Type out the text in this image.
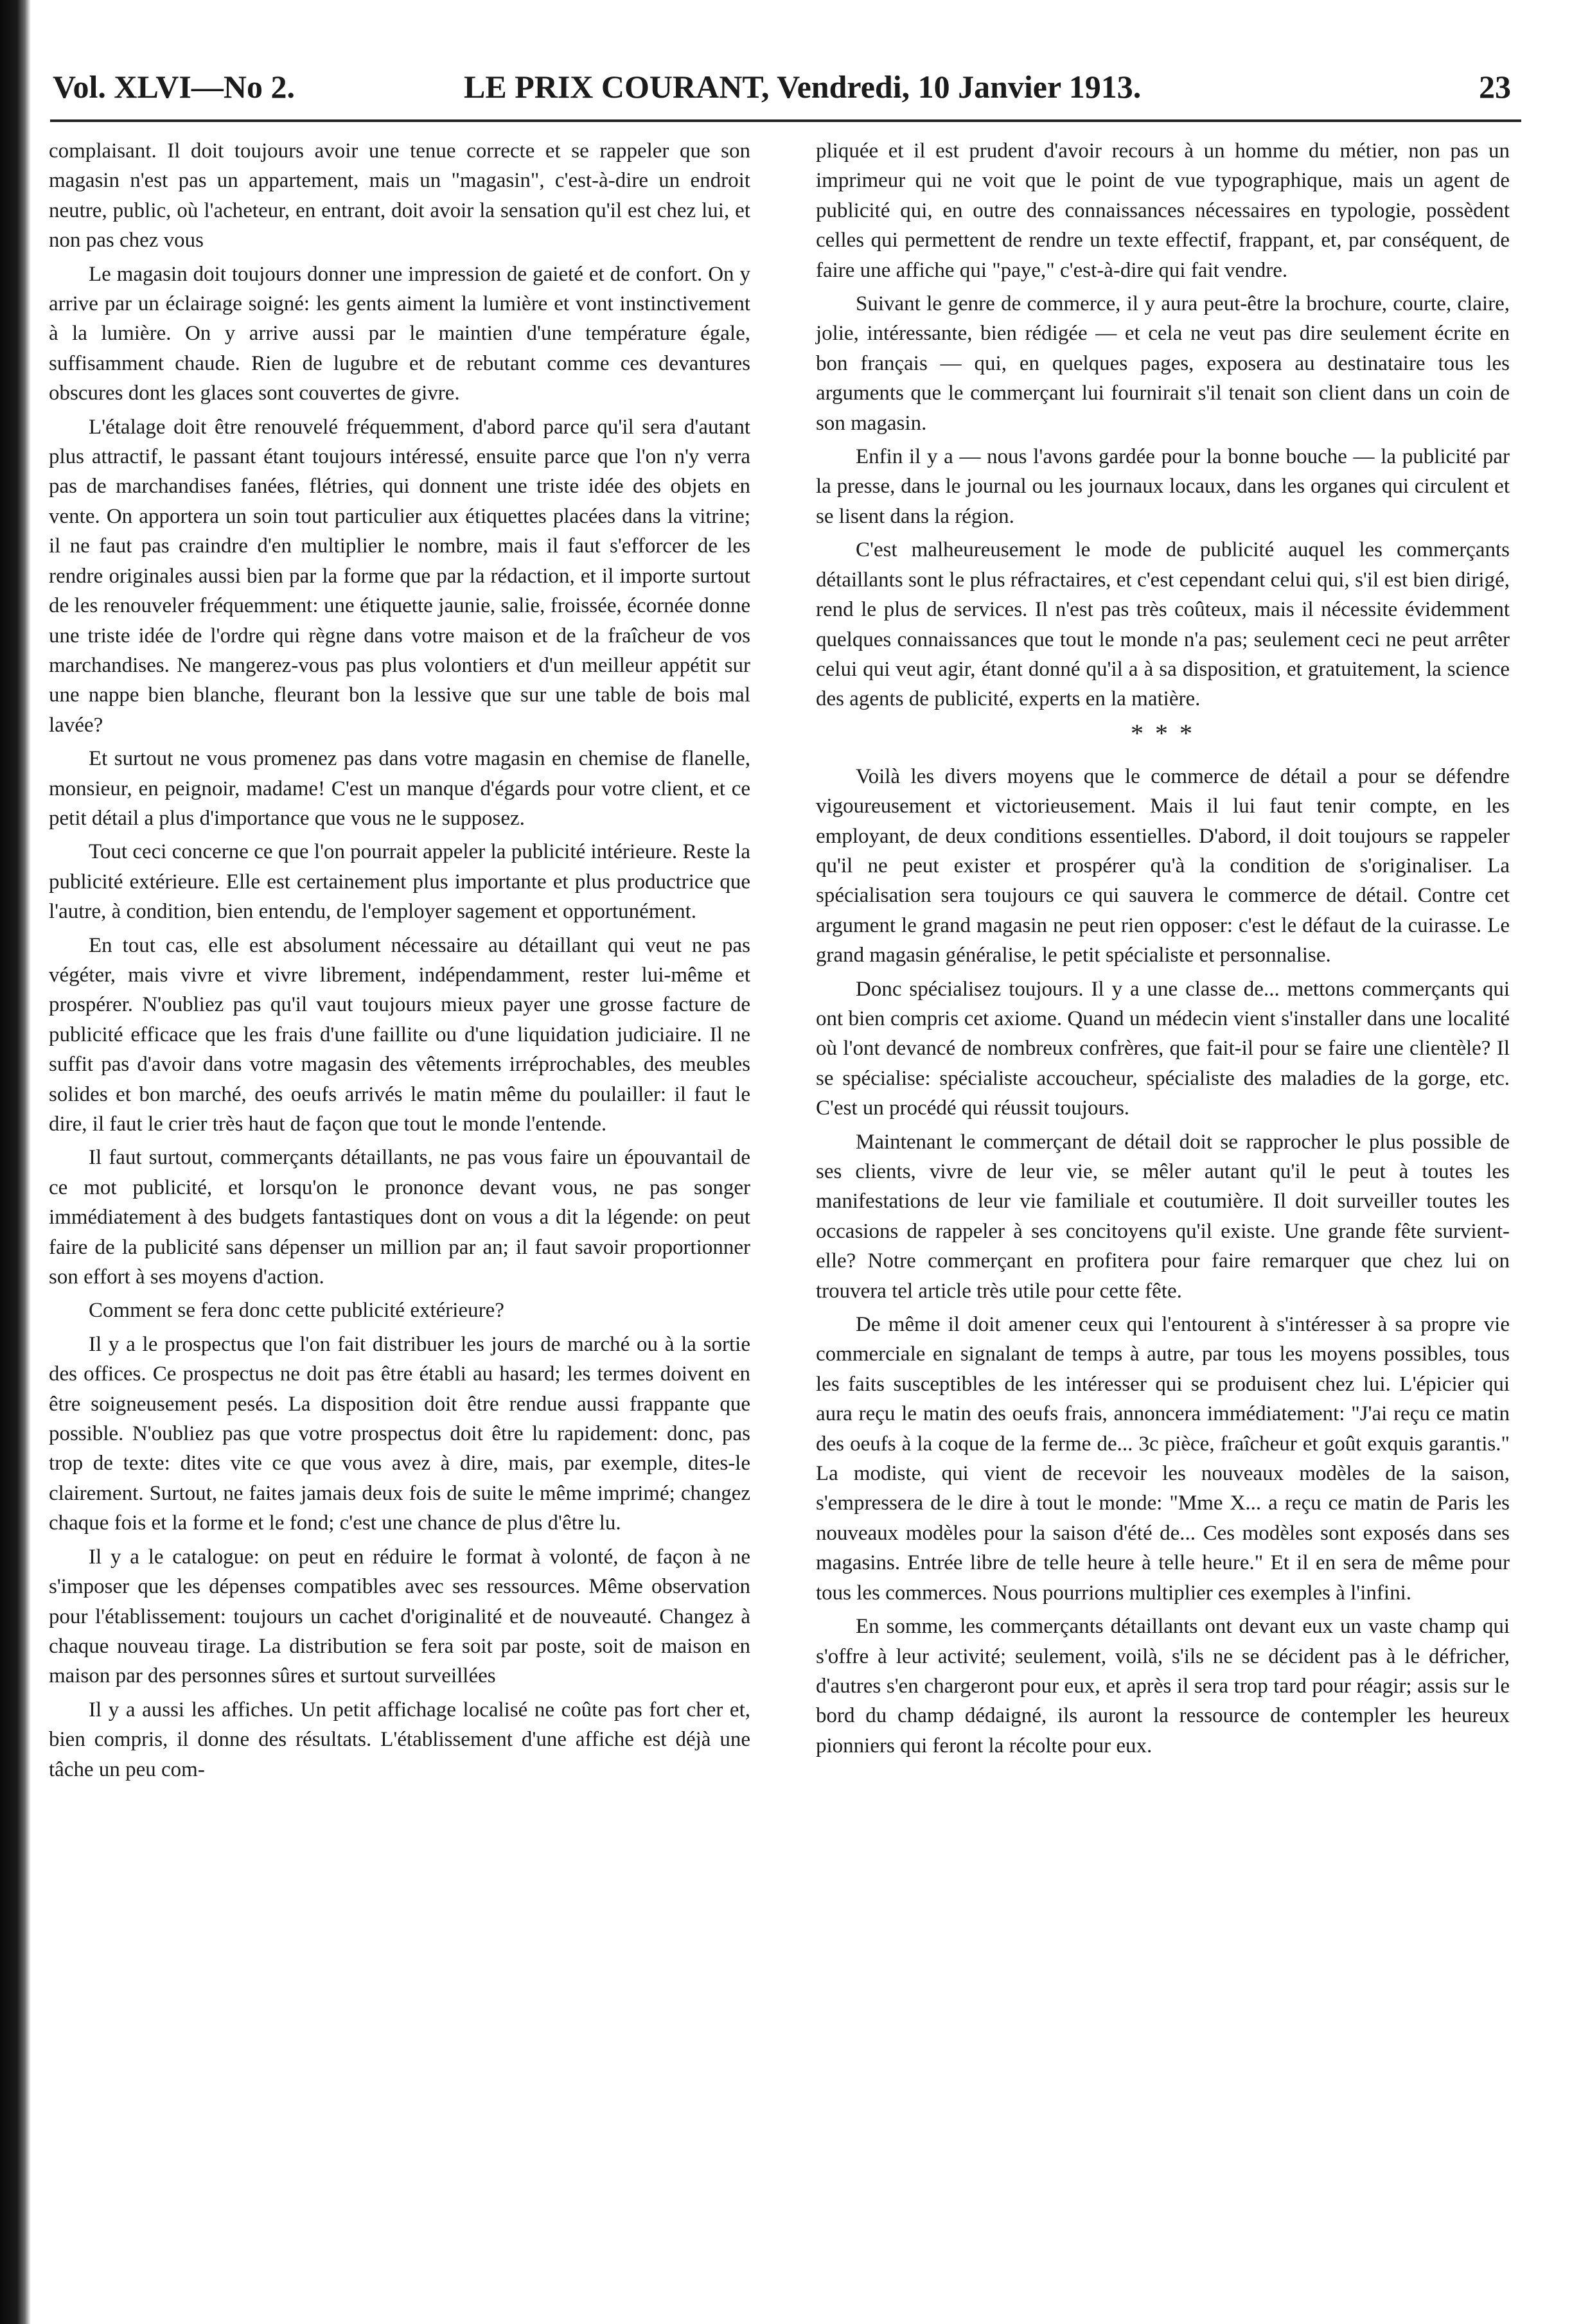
Vol. XLVI—No 2.	LE PRIX COURANT, Vendredi, 10 Janvier 1913.	23

complaisant. Il doit toujours avoir une tenue correcte et se rappeler que son magasin n'est pas un appartement, mais un "magasin", c'est-à-dire un endroit neutre, public, où l'acheteur, en entrant, doit avoir la sensation qu'il est chez lui, et non pas chez vous

Le magasin doit toujours donner une impression de gaieté et de confort. On y arrive par un éclairage soigné: les gents aiment la lumière et vont instinctivement à la lumière. On y arrive aussi par le maintien d'une température égale, suffisamment chaude. Rien de lugubre et de rebutant comme ces devantures obscures dont les glaces sont couvertes de givre.

L'étalage doit être renouvelé fréquemment, d'abord parce qu'il sera d'autant plus attractif, le passant étant toujours intéressé, ensuite parce que l'on n'y verra pas de marchandises fanées, flétries, qui donnent une triste idée des objets en vente. On apportera un soin tout particulier aux étiquettes placées dans la vitrine; il ne faut pas craindre d'en multiplier le nombre, mais il faut s'efforcer de les rendre originales aussi bien par la forme que par la rédaction, et il importe surtout de les renouveler fréquemment: une étiquette jaunie, salie, froissée, écornée donne une triste idée de l'ordre qui règne dans votre maison et de la fraîcheur de vos marchandises. Ne mangerez-vous pas plus volontiers et d'un meilleur appétit sur une nappe bien blanche, fleurant bon la lessive que sur une table de bois mal lavée?

Et surtout ne vous promenez pas dans votre magasin en chemise de flanelle, monsieur, en peignoir, madame! C'est un manque d'égards pour votre client, et ce petit détail a plus d'importance que vous ne le supposez.

Tout ceci concerne ce que l'on pourrait appeler la publicité intérieure. Reste la publicité extérieure. Elle est certainement plus importante et plus productrice que l'autre, à condition, bien entendu, de l'employer sagement et opportunément.

En tout cas, elle est absolument nécessaire au détaillant qui veut ne pas végéter, mais vivre et vivre librement, indépendamment, rester lui-même et prospérer. N'oubliez pas qu'il vaut toujours mieux payer une grosse facture de publicité efficace que les frais d'une faillite ou d'une liquidation judiciaire. Il ne suffit pas d'avoir dans votre magasin des vêtements irréprochables, des meubles solides et bon marché, des oeufs arrivés le matin même du poulailler: il faut le dire, il faut le crier très haut de façon que tout le monde l'entende.

Il faut surtout, commerçants détaillants, ne pas vous faire un épouvantail de ce mot publicité, et lorsqu'on le prononce devant vous, ne pas songer immédiatement à des budgets fantastiques dont on vous a dit la légende: on peut faire de la publicité sans dépenser un million par an; il faut savoir proportionner son effort à ses moyens d'action.

Comment se fera donc cette publicité extérieure?

Il y a le prospectus que l'on fait distribuer les jours de marché ou à la sortie des offices. Ce prospectus ne doit pas être établi au hasard; les termes doivent en être soigneusement pesés. La disposition doit être rendue aussi frappante que possible. N'oubliez pas que votre prospectus doit être lu rapidement: donc, pas trop de texte: dites vite ce que vous avez à dire, mais, par exemple, dites-le clairement. Surtout, ne faites jamais deux fois de suite le même imprimé; changez chaque fois et la forme et le fond; c'est une chance de plus d'être lu.

Il y a le catalogue: on peut en réduire le format à volonté, de façon à ne s'imposer que les dépenses compatibles avec ses ressources. Même observation pour l'établissement: toujours un cachet d'originalité et de nouveauté. Changez à chaque nouveau tirage. La distribution se fera soit par poste, soit de maison en maison par des personnes sûres et surtout surveillées

Il y a aussi les affiches. Un petit affichage localisé ne coûte pas fort cher et, bien compris, il donne des résultats. L'établissement d'une affiche est déjà une tâche un peu com-

pliquée et il est prudent d'avoir recours à un homme du métier, non pas un imprimeur qui ne voit que le point de vue typographique, mais un agent de publicité qui, en outre des connaissances nécessaires en typologie, possèdent celles qui permettent de rendre un texte effectif, frappant, et, par conséquent, de faire une affiche qui "paye," c'est-à-dire qui fait vendre.

Suivant le genre de commerce, il y aura peut-être la brochure, courte, claire, jolie, intéressante, bien rédigée — et cela ne veut pas dire seulement écrite en bon français — qui, en quelques pages, exposera au destinataire tous les arguments que le commerçant lui fournirait s'il tenait son client dans un coin de son magasin.

Enfin il y a — nous l'avons gardée pour la bonne bouche — la publicité par la presse, dans le journal ou les journaux locaux, dans les organes qui circulent et se lisent dans la région.

C'est malheureusement le mode de publicité auquel les commerçants détaillants sont le plus réfractaires, et c'est cependant celui qui, s'il est bien dirigé, rend le plus de services. Il n'est pas très coûteux, mais il nécessite évidemment quelques connaissances que tout le monde n'a pas; seulement ceci ne peut arrêter celui qui veut agir, étant donné qu'il a à sa disposition, et gratuitement, la science des agents de publicité, experts en la matière.

* * *

Voilà les divers moyens que le commerce de détail a pour se défendre vigoureusement et victorieusement. Mais il lui faut tenir compte, en les employant, de deux conditions essentielles. D'abord, il doit toujours se rappeler qu'il ne peut exister et prospérer qu'à la condition de s'originaliser. La spécialisation sera toujours ce qui sauvera le commerce de détail. Contre cet argument le grand magasin ne peut rien opposer: c'est le défaut de la cuirasse. Le grand magasin généralise, le petit spécialiste et personnalise.

Donc spécialisez toujours. Il y a une classe de... mettons commerçants qui ont bien compris cet axiome. Quand un médecin vient s'installer dans une localité où l'ont devancé de nombreux confrères, que fait-il pour se faire une clientèle? Il se spécialise: spécialiste accoucheur, spécialiste des maladies de la gorge, etc. C'est un procédé qui réussit toujours.

Maintenant le commerçant de détail doit se rapprocher le plus possible de ses clients, vivre de leur vie, se mêler autant qu'il le peut à toutes les manifestations de leur vie familiale et coutumière. Il doit surveiller toutes les occasions de rappeler à ses concitoyens qu'il existe. Une grande fête survient-elle? Notre commerçant en profitera pour faire remarquer que chez lui on trouvera tel article très utile pour cette fête.

De même il doit amener ceux qui l'entourent à s'intéresser à sa propre vie commerciale en signalant de temps à autre, par tous les moyens possibles, tous les faits susceptibles de les intéresser qui se produisent chez lui. L'épicier qui aura reçu le matin des oeufs frais, annoncera immédiatement: "J'ai reçu ce matin des oeufs à la coque de la ferme de... 3c pièce, fraîcheur et goût exquis garantis." La modiste, qui vient de recevoir les nouveaux modèles de la saison, s'empressera de le dire à tout le monde: "Mme X... a reçu ce matin de Paris les nouveaux modèles pour la saison d'été de... Ces modèles sont exposés dans ses magasins. Entrée libre de telle heure à telle heure." Et il en sera de même pour tous les commerces. Nous pourrions multiplier ces exemples à l'infini.

En somme, les commerçants détaillants ont devant eux un vaste champ qui s'offre à leur activité; seulement, voilà, s'ils ne se décident pas à le défricher, d'autres s'en chargeront pour eux, et après il sera trop tard pour réagir; assis sur le bord du champ dédaigné, ils auront la ressource de contempler les heureux pionniers qui feront la récolte pour eux.
